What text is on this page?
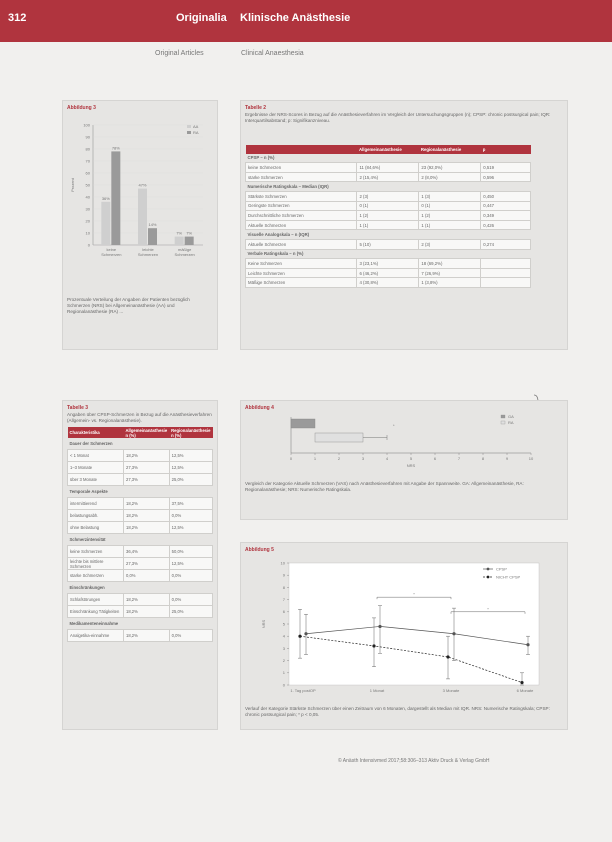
312	Originalia Klinische Anästhesie
Original Articles	Clinical Anaesthesia
Abbildung 3
0
10
20
30
40
50
60
70
80
90
100
Prozent
36%
78%
keine
Schmerzen
47%
14%
leichte
Schmerzen
7% 7%
mäßige
Schmerzen
AA
RA
Prozentuale Verteilung der Angaben der Patienten bezüglich Schmerzen (NRS) bei Allgemeinanästhesie (AA) und Regionalanästhesie (RA) ...
Tabelle 2
Ergebnisse der NRS-Scores in Bezug auf die Anästhesieverfahren im Vergleich der Untersuchungsgruppen (n); CPSP: chronic postsurgical pain; IQR: Interquartilsabstand; p: Signifikanzniveau.
	Allgemeinanästhesie	Regionalanästhesie	p
CPSP – n (%)			
keine Schmerzen	11 (84,6%)	23 (92,0%)	0,519
starke Schmerzen	2 (15,4%)	2 (8,0%)	0,596
Numerische Ratingskala – Median (IQR)			
Stärkste Schmerzen	2 (3)	1 (3)	0,450
Geringste Schmerzen	0 (1)	0 (1)	0,447
Durchschnittliche Schmerzen	1 (2)	1 (2)	0,349
Aktuelle Schmerzen	1 (1)	1 (1)	0,426
Visuelle Analogskala – n (IQR)			
Aktuelle Schmerzen	5 (10)	2 (3)	0,274
Verbale Ratingskala – n (%)			
Keine Schmerzen	3 (23,1%)	18 (69,2%)	
Leichte Schmerzen	6 (46,2%)	7 (26,9%)	
Mäßige Schmerzen	4 (30,8%)	1 (3,8%)	
Tabelle 3
Angaben über CPSP-Schmerzen in Bezug auf die Anästhesieverfahren (Allgemein- vs. Regionalanästhesie).
Charakteristika	Allgemeinanästhesie n (%)	Regionalanästhesie n (%)
Dauer der Schmerzen		
< 1 Monat	18,2%	12,5%
1–3 Monate	27,3%	12,5%
über 3 Monate	27,3%	25,0%
Temporale Aspekte		
intermittierend	18,2%	37,5%
belastungsabh.	18,2%	0,0%
ohne Belastung	18,2%	12,5%
Schmerzintensität		
keine Schmerzen	36,4%	50,0%
leichte bis mittlere Schmerzen	27,3%	12,5%
starke Schmerzen	0,0%	0,0%
Einschränkungen		
Schlafstörungen	18,2%	0,0%
Einschränkung Tätigkeiten	18,2%	25,0%
Medikamenteneinnahme		
Analgetika-einnahme	18,2%	0,0%
Abbildung 4
0	1	2	3	4	5	6	7	8	9	10
NRS
*
GA
RA
Vergleich der Kategorie Aktuelle Schmerzen (VAS) nach Anästhesieverfahren mit Angabe der Spannweite. GA: Allgemeinanästhesie, RA: Regionalanästhesie; NRS: Numerische Ratingskala.
Abbildung 5
0
1
2
3
4
5
6
7
8
9
10
NRS
1. Tag postOP	1 Monat	3 Monate	6 Monate
CPSP
NICHT CPSP
*
*
Verlauf der Kategorie Stärkste Schmerzen über einen Zeitraum von 6 Monaten, dargestellt als Median mit IQR. NRS: Numerische Ratingskala; CPSP: chronic postsurgical pain; * p < 0,05.
© Anästh Intensivmed 2017;58:306–313 Aktiv Druck & Verlag GmbH
